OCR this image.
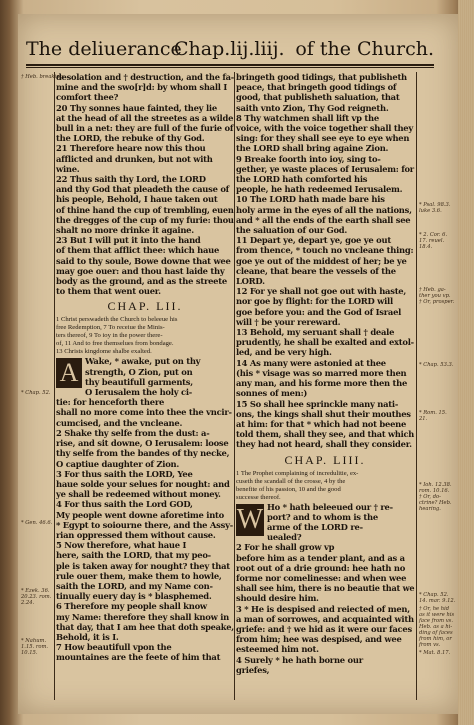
The deliuerance
Chap.lij.liij. of the Church.
† Heb. breaking.
* Chap. 52.
* Gen. 46.6.
* Ezek. 36.
20.23. rom.
2.24.
* Nahum.
1.15. rom.
10.15.
* Psal. 98.3.
luke 3.6.
* 2. Cor. 6.
17. reuel.
18.4.
† Heb. ga-
ther you vp.
† Or, prosper.
* Chap. 53.3.
* Rom. 15.
21.
* Ioh. 12.38.
rom. 10.16.
† Or, do-
ctrine? Heb.
hearing.
* Chap. 52.
14. mar. 9.12.
† Or, he hid
as it were his
face from vs.
Heb. as a hi-
ding of faces
from him, or
from vs.
* Mat. 8.17.
desolation and † destruction, and the fa-
mine and the swo[r]d: by whom shall I
comfort thee?
20 Thy sonnes haue fainted, they lie
at the head of all the streetes as a wilde
bull in a net: they are full of the furie of
the LORD, the rebuke of thy God.
21 Therefore heare now this thou
afflicted and drunken, but not with
wine.
22 Thus saith thy Lord, the LORD
and thy God that pleadeth the cause of
his people, Behold, I haue taken out
of thine hand the cup of trembling, euen
the dregges of the cup of my furie: thou
shalt no more drinke it againe.
23 But I will put it into the hand
of them that afflict thee: which haue
said to thy soule, Bowe downe that wee
may goe ouer: and thou hast laide thy
body as the ground, and as the streete
to them that went ouer.
CHAP. LII.
1 Christ perswadeth the Church to beleeue his
free Redemption, 7 To receiue the Minis-
ters thereof, 9 To ioy in the power there-
of, 11 And to free themselues from bondage.
13 Christs kingdome shalbe exalted.
A Wake, * awake, put on thy
strength, O Zion, put on
thy beautifull garments,
O Ierusalem the holy ci-
tie: for henceforth there
shall no more come into thee the vncir-
cumcised, and the vncleane.
2 Shake thy selfe from the dust: a-
rise, and sit downe, O Ierusalem: loose
thy selfe from the bandes of thy necke,
O captiue daughter of Zion.
3 For thus saith the LORD, Yee
haue solde your selues for nought: and
ye shall be redeemed without money.
4 For thus saith the Lord GOD,
My people went downe aforetime into
* Egypt to soiourne there, and the Assy-
rian oppressed them without cause.
5 Now therefore, what haue I
here, saith the LORD, that my peo-
ple is taken away for nought? they that
rule ouer them, make them to howle,
saith the LORD, and my Name con-
tinually euery day is * blasphemed.
6 Therefore my people shall know
my Name: therefore they shall know in
that day, that I am hee that doth speake,
Behold, it is I.
7 How beautifull vpon the
mountaines are the feete of him that
bringeth good tidings, that publisheth
peace, that bringeth good tidings of
good, that publisheth saluation, that
saith vnto Zion, Thy God reigneth.
8 Thy watchmen shall lift vp the
voice, with the voice together shall they
sing: for they shall see eye to eye when
the LORD shall bring againe Zion.
9 Breake foorth into ioy, sing to-
gether, ye waste places of Ierusalem: for
the LORD hath comforted his
people, he hath redeemed Ierusalem.
10 The LORD hath made bare his
holy arme in the eyes of all the nations,
and * all the ends of the earth shall see
the saluation of our God.
11 Depart ye, depart ye, goe ye out
from thence, * touch no vncleane thing:
goe ye out of the middest of her; be ye
cleane, that beare the vessels of the
LORD.
12 For ye shall not goe out with haste,
nor goe by flight: for the LORD will
goe before you: and the God of Israel
will † be your rereward.
13 Behold, my seruant shall † deale
prudently, he shall be exalted and extol-
led, and be very high.
14 As many were astonied at thee
(his * visage was so marred more then
any man, and his forme more then the
sonnes of men:)
15 So shall hee sprinckle many nati-
ons, the kings shall shut their mouthes
at him: for that * which had not beene
told them, shall they see, and that which
they had not heard, shall they consider.
CHAP. LIII.
1 The Prophet complaining of incredulitie, ex-
cuseth the scandall of the crosse, 4 by the
benefite of his passion, 10 and the good
successe thereof.
W Ho * hath beleeued our † re-
port? and to whom is the
arme of the LORD re-
uealed?
2 For he shall grow vp
before him as a tender plant, and as a
root out of a drie ground: hee hath no
forme nor comelinesse: and when wee
shall see him, there is no beautie that we
should desire him.
3 * He is despised and reiected of men,
a man of sorrowes, and acquainted with
griefe: and † we hid as it were our faces
from him; hee was despised, and wee
esteemed him not.
4 Surely * he hath borne our
griefes,
